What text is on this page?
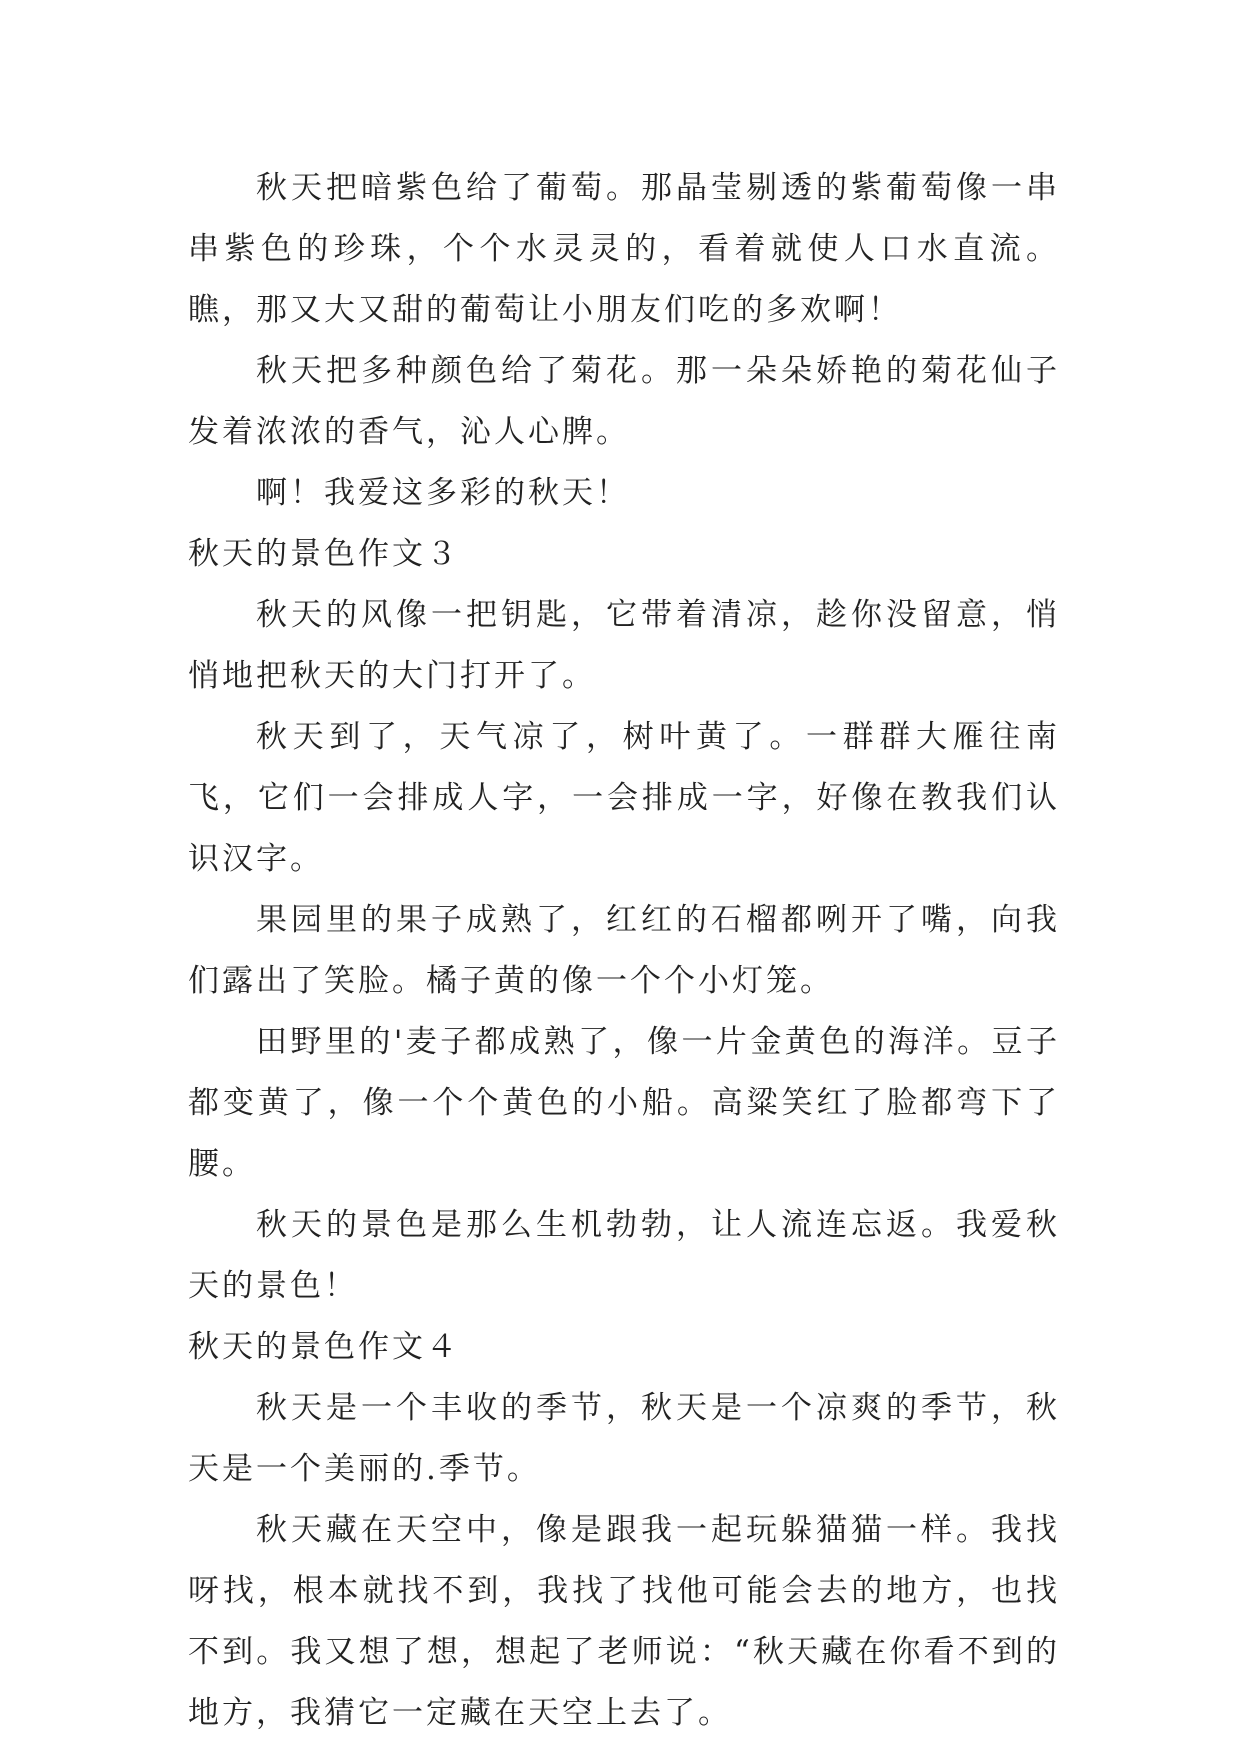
秋天把暗紫色给了葡萄。那晶莹剔透的紫葡萄像一串串紫色的珍珠，个个水灵灵的，看着就使人口水直流。瞧，那又大又甜的葡萄让小朋友们吃的多欢啊！

秋天把多种颜色给了菊花。那一朵朵娇艳的菊花仙子发着浓浓的香气，沁人心脾。

啊！我爱这多彩的秋天！

秋天的景色作文３

秋天的风像一把钥匙，它带着清凉，趁你没留意，悄悄地把秋天的大门打开了。

秋天到了，天气凉了，树叶黄了。一群群大雁往南飞，它们一会排成人字，一会排成一字，好像在教我们认识汉字。

果园里的果子成熟了，红红的石榴都咧开了嘴，向我们露出了笑脸。橘子黄的像一个个小灯笼。

田野里的'麦子都成熟了，像一片金黄色的海洋。豆子都变黄了，像一个个黄色的小船。高粱笑红了脸都弯下了腰。

秋天的景色是那么生机勃勃，让人流连忘返。我爱秋天的景色！

秋天的景色作文４

秋天是一个丰收的季节，秋天是一个凉爽的季节，秋天是一个美丽的.季节。

秋天藏在天空中，像是跟我一起玩躲猫猫一样。我找呀找，根本就找不到，我找了找他可能会去的地方，也找不到。我又想了想，想起了老师说：“秋天藏在你看不到的地方，我猜它一定藏在天空上去了。
